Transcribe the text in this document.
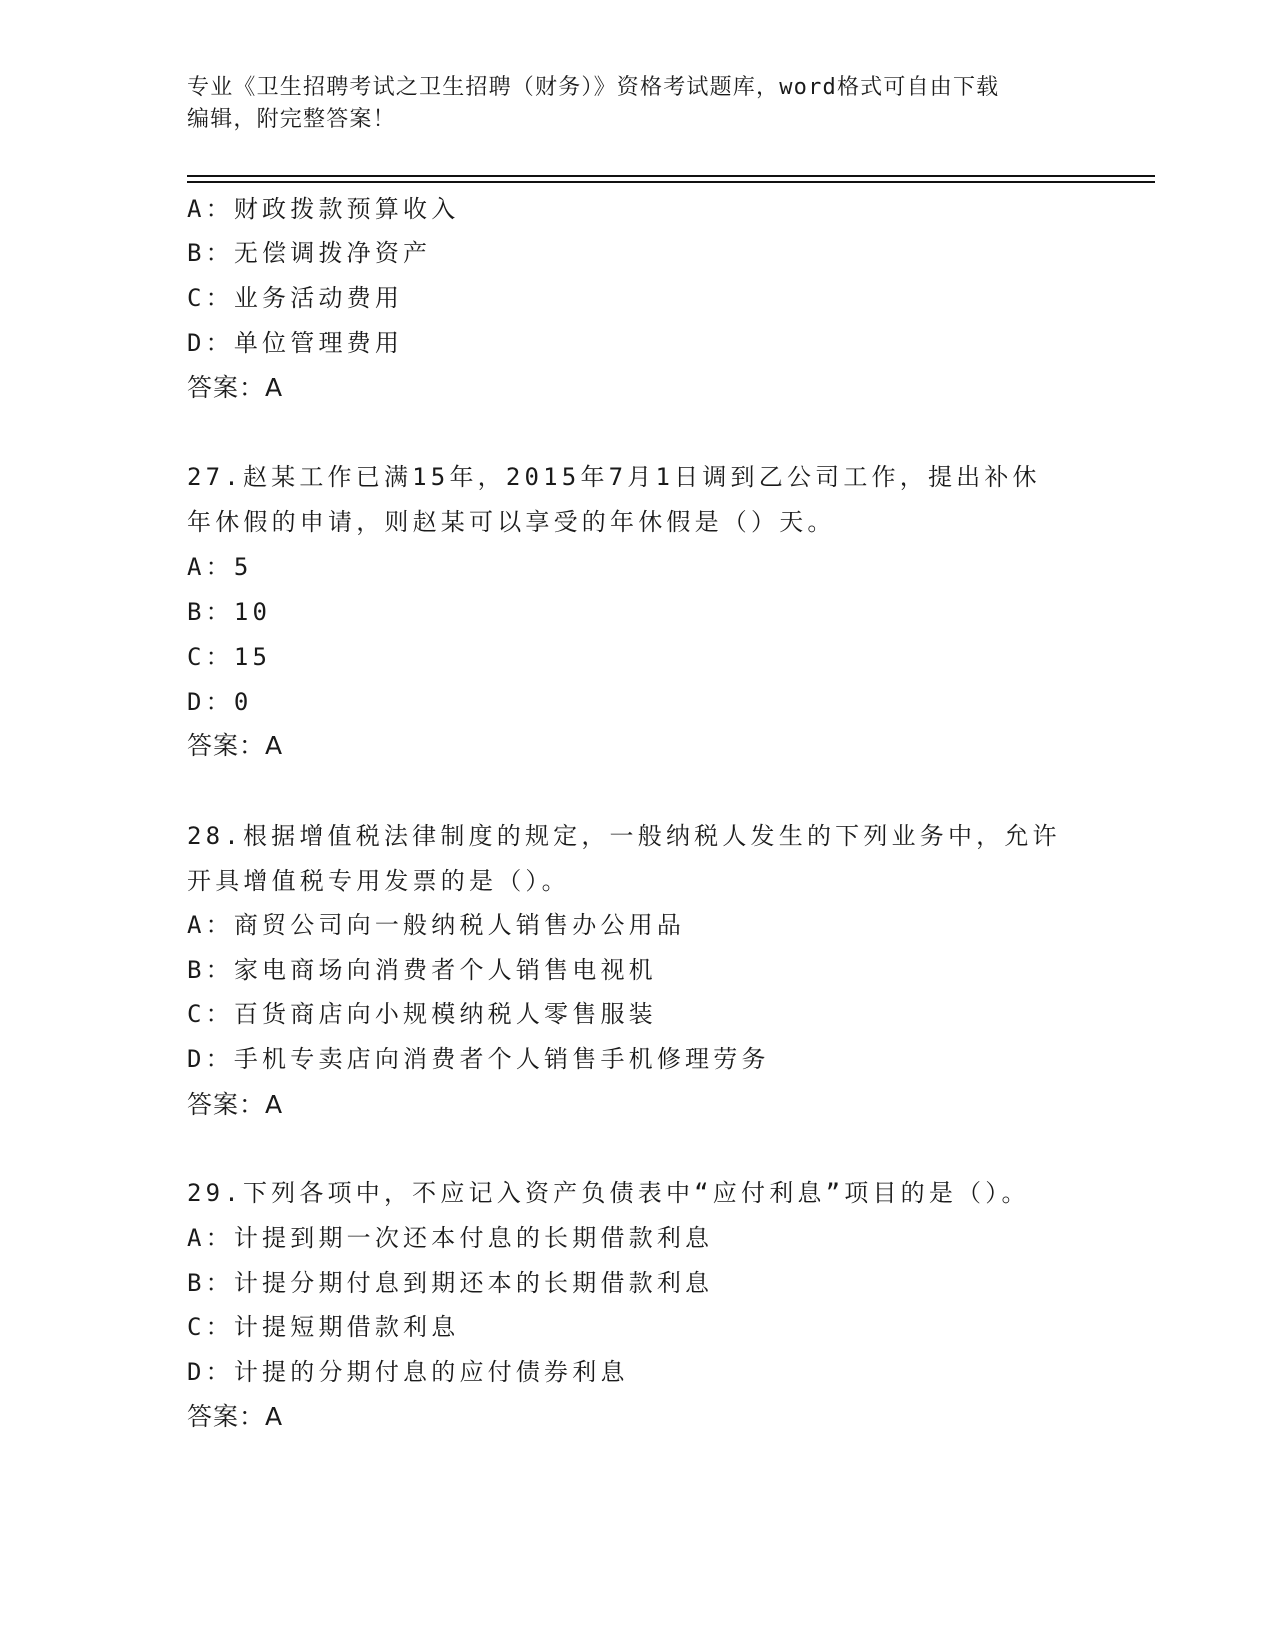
专业《卫生招聘考试之卫生招聘（财务）》资格考试题库，word格式可自由下载
编辑，附完整答案！
A：财政拨款预算收入
B：无偿调拨净资产
C：业务活动费用
D：单位管理费用
答案：A
27.赵某工作已满15年，2015年7月1日调到乙公司工作，提出补休
年休假的申请，则赵某可以享受的年休假是（）天。
A：5
B：10
C：15
D：0
答案：A
28.根据增值税法律制度的规定，一般纳税人发生的下列业务中，允许
开具增值税专用发票的是（）。
A：商贸公司向一般纳税人销售办公用品
B：家电商场向消费者个人销售电视机
C：百货商店向小规模纳税人零售服装
D：手机专卖店向消费者个人销售手机修理劳务
答案：A
29.下列各项中，不应记入资产负债表中“应付利息”项目的是（）。
A：计提到期一次还本付息的长期借款利息
B：计提分期付息到期还本的长期借款利息
C：计提短期借款利息
D：计提的分期付息的应付债券利息
答案：A
